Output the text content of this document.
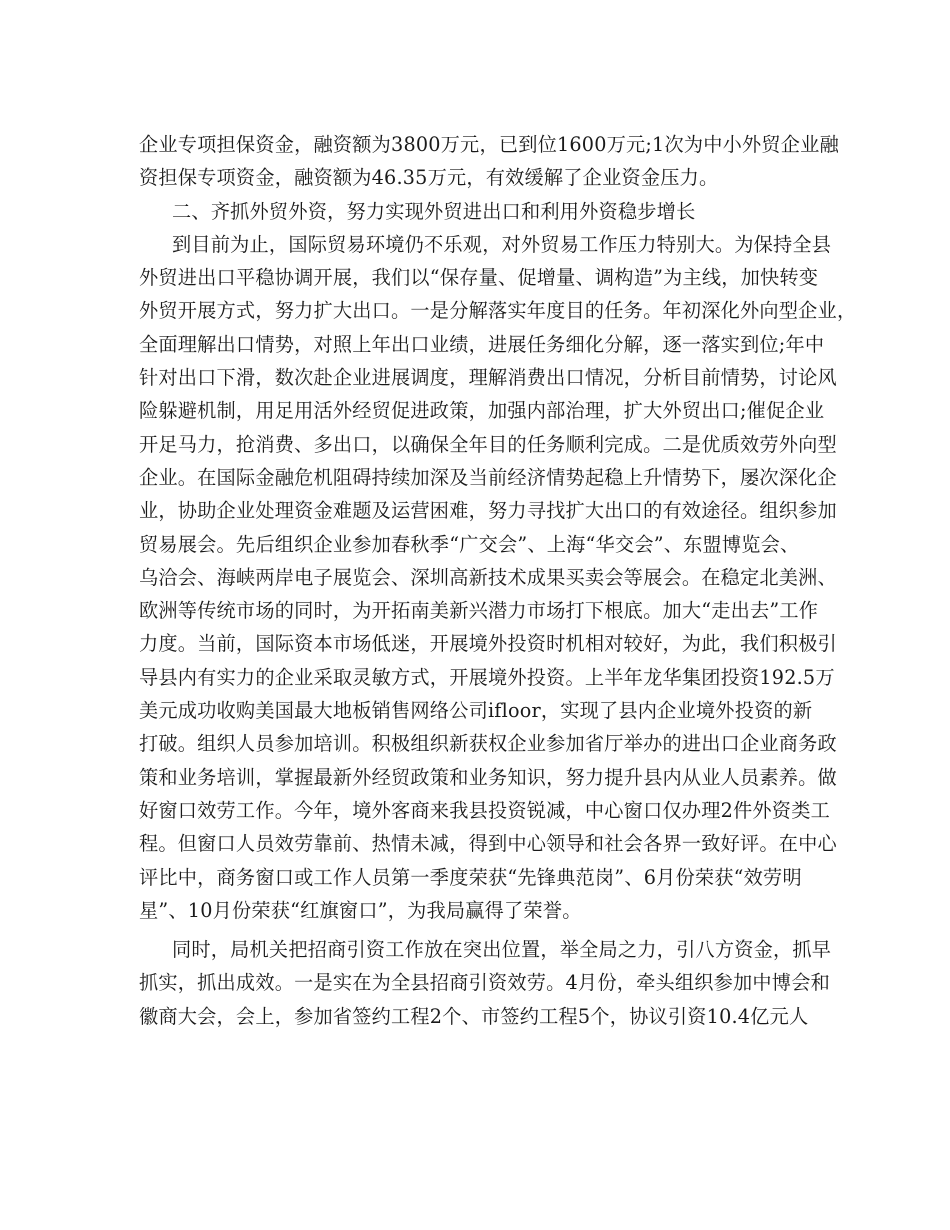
企业专项担保资金，融资额为3800万元，已到位1600万元;1次为中小外贸企业融
资担保专项资金，融资额为46.35万元，有效缓解了企业资金压力。
二、齐抓外贸外资，努力实现外贸进出口和利用外资稳步增长
到目前为止，国际贸易环境仍不乐观，对外贸易工作压力特别大。为保持全县
外贸进出口平稳协调开展，我们以“保存量、促增量、调构造”为主线，加快转变
外贸开展方式，努力扩大出口。一是分解落实年度目的任务。年初深化外向型企业，
全面理解出口情势，对照上年出口业绩，进展任务细化分解，逐一落实到位;年中
针对出口下滑，数次赴企业进展调度，理解消费出口情况，分析目前情势，讨论风
险躲避机制，用足用活外经贸促进政策，加强内部治理，扩大外贸出口;催促企业
开足马力，抢消费、多出口，以确保全年目的任务顺利完成。二是优质效劳外向型
企业。在国际金融危机阻碍持续加深及当前经济情势起稳上升情势下，屡次深化企
业，协助企业处理资金难题及运营困难，努力寻找扩大出口的有效途径。组织参加
贸易展会。先后组织企业参加春秋季“广交会”、上海“华交会”、东盟博览会、
乌洽会、海峡两岸电子展览会、深圳高新技术成果买卖会等展会。在稳定北美洲、
欧洲等传统市场的同时，为开拓南美新兴潜力市场打下根底。加大“走出去”工作
力度。当前，国际资本市场低迷，开展境外投资时机相对较好，为此，我们积极引
导县内有实力的企业采取灵敏方式，开展境外投资。上半年龙华集团投资192.5万
美元成功收购美国最大地板销售网络公司ifloor，实现了县内企业境外投资的新
打破。组织人员参加培训。积极组织新获权企业参加省厅举办的进出口企业商务政
策和业务培训，掌握最新外经贸政策和业务知识，努力提升县内从业人员素养。做
好窗口效劳工作。今年，境外客商来我县投资锐减，中心窗口仅办理2件外资类工
程。但窗口人员效劳靠前、热情未减，得到中心领导和社会各界一致好评。在中心
评比中，商务窗口或工作人员第一季度荣获“先锋典范岗”、6月份荣获“效劳明
星”、10月份荣获“红旗窗口”，为我局赢得了荣誉。
同时，局机关把招商引资工作放在突出位置，举全局之力，引八方资金，抓早
抓实，抓出成效。一是实在为全县招商引资效劳。4月份，牵头组织参加中博会和
徽商大会，会上，参加省签约工程2个、市签约工程5个，协议引资10.4亿元人
